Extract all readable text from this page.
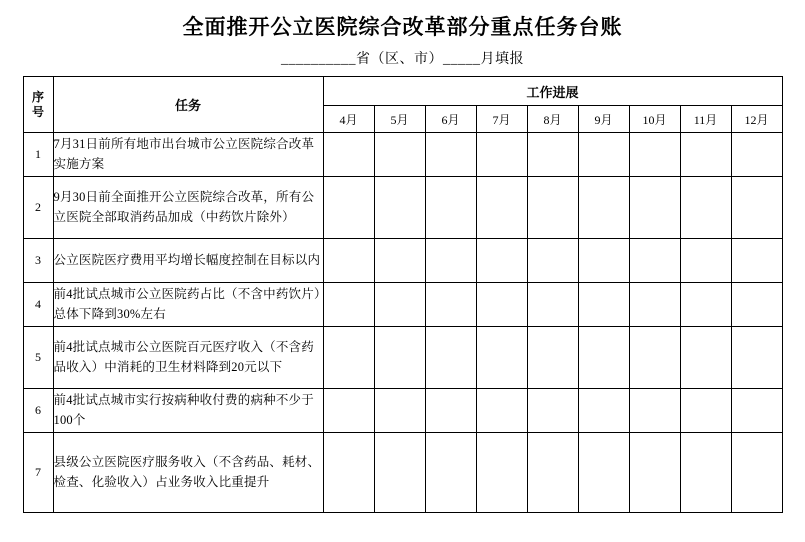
全面推开公立医院综合改革部分重点任务台账
__________省（区、市）_____月填报
序
号	任务	工作进展								
		4月	5月	6月	7月	8月	9月	10月	11月	12月
1	7月31日前所有地市出台城市公立医院综合改革实施方案									
2	9月30日前全面推开公立医院综合改革，所有公立医院全部取消药品加成（中药饮片除外）									
3	公立医院医疗费用平均增长幅度控制在目标以内									
4	前4批试点城市公立医院药占比（不含中药饮片）总体下降到30%左右									
5	前4批试点城市公立医院百元医疗收入（不含药品收入）中消耗的卫生材料降到20元以下									
6	前4批试点城市实行按病种收付费的病种不少于100个									
7	县级公立医院医疗服务收入（不含药品、耗材、检查、化验收入）占业务收入比重提升									
